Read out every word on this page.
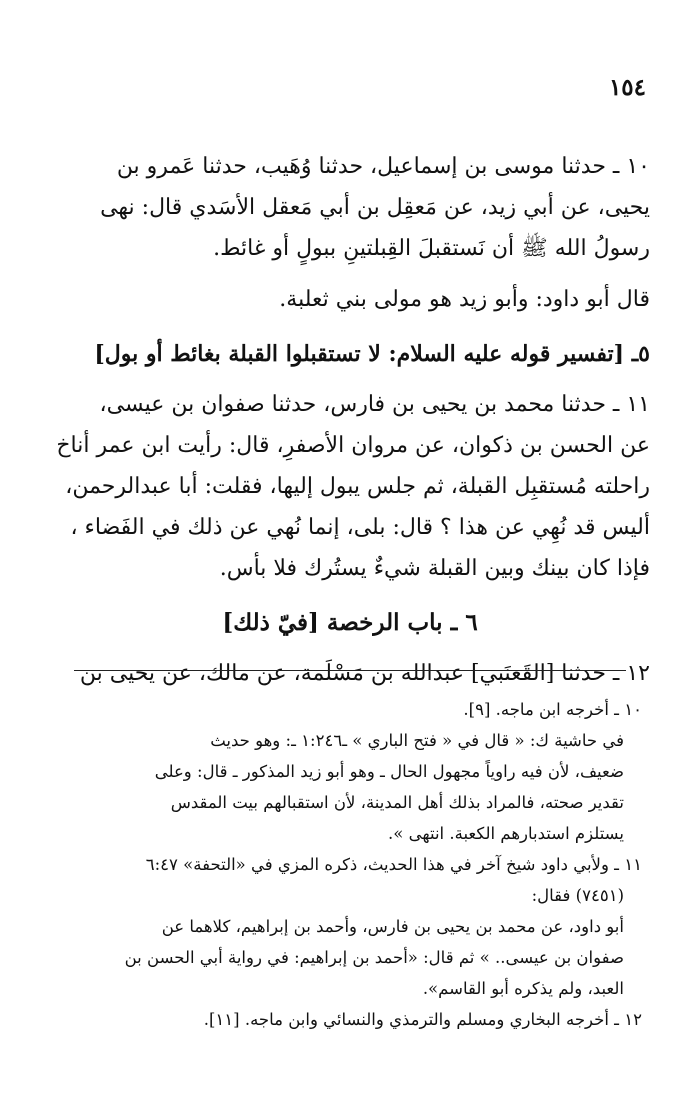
١٥٤

١٠ ـ حدثنا موسى بن إسماعيل، حدثنا وُهَيب، حدثنا عَمرو بن

يحيى، عن أبي زيد، عن مَعقِل بن أبي مَعقل الأسَدي قال: نهى

رسولُ الله ﷺ أن نَستقبلَ القِبلتينِ ببولٍ أو غائط.

قال أبو داود: وأبو زيد هو مولى بني ثعلبة.

٥ـ [تفسير قوله عليه السلام: لا تستقبلوا القبلة بغائط أو بول]

١١ ـ حدثنا محمد بن يحيى بن فارس، حدثنا صفوان بن عيسى،

عن الحسن بن ذكوان، عن مروان الأصفرِ، قال: رأيت ابن عمر أناخ

راحلته مُستقبِل القبلة، ثم جلس يبول إليها، فقلت: أبا عبدالرحمن،

أليس قد نُهِي عن هذا ؟ قال: بلى، إنما نُهي عن ذلك في الفَضاء ،

فإذا كان بينك وبين القبلة شيءٌ يستُرك فلا بأس.

٦ ـ باب الرخصة [فيّ ذلك]

١٢ ـ حدثنا [القَعنَبي] عبدالله بن مَسْلَمة، عن مالك، عن يحيى بن

١٠ ـ أخرجه ابن ماجه. [٩].

في حاشية ك: « قال في « فتح الباري » ـ١:٢٤٦ ـ: وهو حديث

ضعيف، لأن فيه راوياً مجهول الحال ـ وهو أبو زيد المذكور ـ قال: وعلى

تقدير صحته، فالمراد بذلك أهل المدينة، لأن استقبالهم بيت المقدس

يستلزم استدبارهم الكعبة. انتهى ».

١١ ـ ولأبي داود شيخ آخر في هذا الحديث، ذكره المزي في «التحفة» ٦:٤٧

(٧٤٥١) فقال:

أبو داود، عن محمد بن يحيى بن فارس، وأحمد بن إبراهيم، كلاهما عن

صفوان بن عيسى.. » ثم قال: «أحمد بن إبراهيم: في رواية أبي الحسن بن

العبد، ولم يذكره أبو القاسم».

١٢ ـ أخرجه البخاري ومسلم والترمذي والنسائي وابن ماجه. [١١].
